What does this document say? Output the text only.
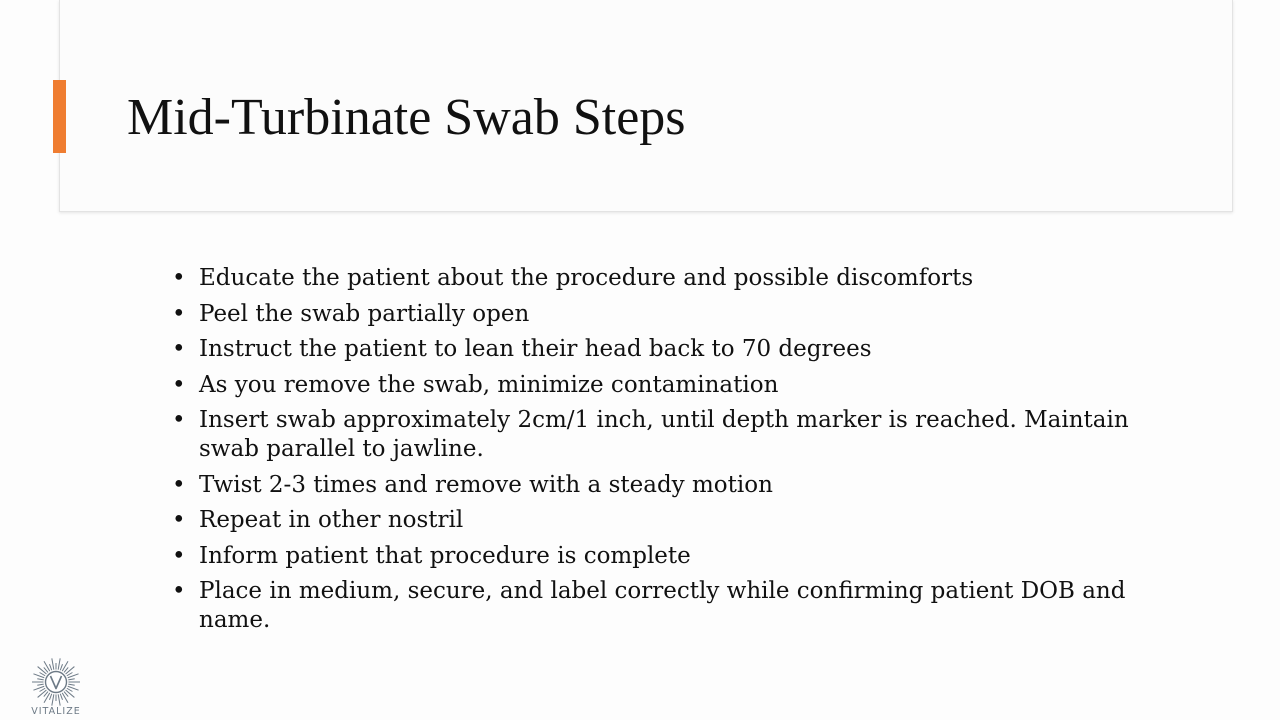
Mid-Turbinate Swab Steps
• Educate the patient about the procedure and possible discomforts
• Peel the swab partially open
• Instruct the patient to lean their head back to 70 degrees
• As you remove the swab, minimize contamination
• Insert swab approximately 2cm/1 inch, until depth marker is reached. Maintain swab parallel to jawline.
• Twist 2-3 times and remove with a steady motion
• Repeat in other nostril
• Inform patient that procedure is complete
• Place in medium, secure, and label correctly while confirming patient DOB and name.
VITALIZE
